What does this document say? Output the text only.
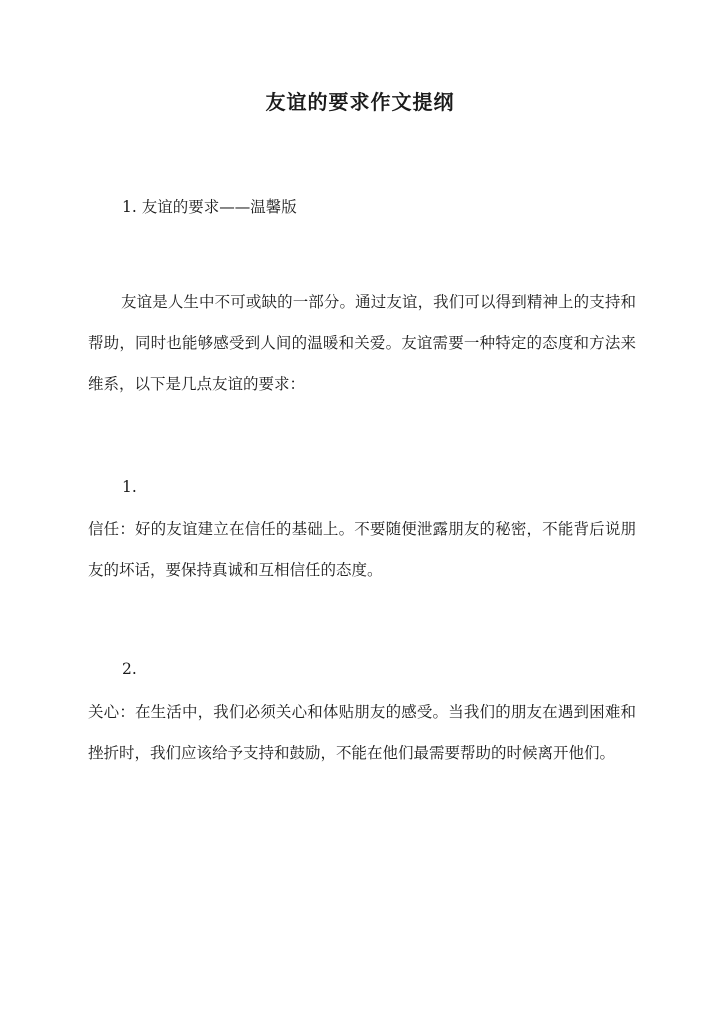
友谊的要求作文提纲
1. 友谊的要求——温馨版

友谊是人生中不可或缺的一部分。通过友谊，我们可以得到精神上的支持和帮助，同时也能够感受到人间的温暖和关爱。友谊需要一种特定的态度和方法来维系，以下是几点友谊的要求：

1.

信任：好的友谊建立在信任的基础上。不要随便泄露朋友的秘密，不能背后说朋友的坏话，要保持真诚和互相信任的态度。

2.

关心：在生活中，我们必须关心和体贴朋友的感受。当我们的朋友在遇到困难和挫折时，我们应该给予支持和鼓励，不能在他们最需要帮助的时候离开他们。
